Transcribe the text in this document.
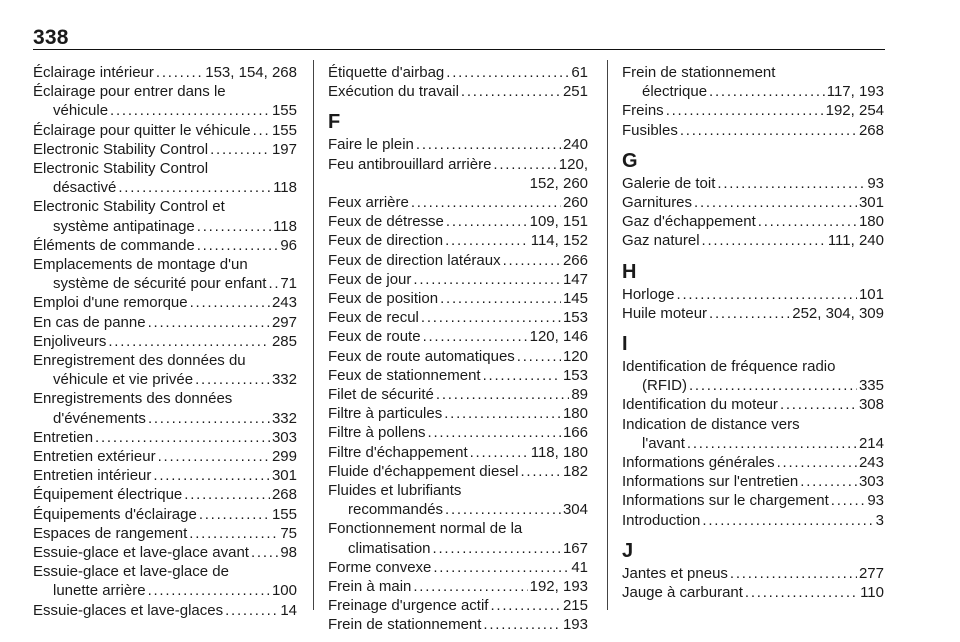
338
Éclairage intérieur . . .	153, 154, 268
Éclairage pour entrer dans le
véhicule . . .	155
Éclairage pour quitter le véhicule . . . 155
Electronic Stability Control . . .	197
Electronic Stability Control
désactivé . . .	118
Electronic Stability Control et
système antipatinage . . .	118
Éléments de commande . . .	96
Emplacements de montage d'un
système de sécurité pour enfant . . . 71
Emploi d'une remorque . . .	243
En cas de panne . . .	297
Enjoliveurs . . .	285
Enregistrement des données du
véhicule et vie privée . . .	332
Enregistrements des données
d'événements . . .	332
Entretien . . .	303
Entretien extérieur . . .	299
Entretien intérieur . . .	301
Équipement électrique . . .	268
Équipements d'éclairage . . .	155
Espaces de rangement . . .	75
Essuie-glace et lave-glace avant . . . 98
Essuie-glace et lave-glace de
lunette arrière . . .	100
Essuie-glaces et lave-glaces . . .	14
Étiquette d'airbag . . .	61
Exécution du travail . . .	251
F
Faire le plein . . .	240
Feu antibrouillard arrière . . .	120,
152, 260
Feux arrière . . .	260
Feux de détresse . . .	109, 151
Feux de direction . . .	114, 152
Feux de direction latéraux . . .	266
Feux de jour . . .	147
Feux de position . . .	145
Feux de recul . . .	153
Feux de route . . .	120, 146
Feux de route automatiques . . .	120
Feux de stationnement . . .	153
Filet de sécurité . . .	89
Filtre à particules . . .	180
Filtre à pollens . . .	166
Filtre d'échappement . . .	118, 180
Fluide d'échappement diesel . . .	182
Fluides et lubrifiants
recommandés . . .	304
Fonctionnement normal de la
climatisation . . .	167
Forme convexe . . .	41
Frein à main . . .	192, 193
Freinage d'urgence actif . . .	215
Frein de stationnement . . .	193
Frein de stationnement
électrique . . .	117, 193
Freins . . .	192, 254
Fusibles . . .	268
G
Galerie de toit . . .	93
Garnitures . . .	301
Gaz d'échappement . . .	180
Gaz naturel . . .	111, 240
H
Horloge . . .	101
Huile moteur . . .	252, 304, 309
I
Identification de fréquence radio
(RFID) . . .	335
Identification du moteur . . .	308
Indication de distance vers
l'avant . . .	214
Informations générales . . .	243
Informations sur l'entretien . . .	303
Informations sur le chargement . . .	93
Introduction . . .	3
J
Jantes et pneus . . .	277
Jauge à carburant . . .	110
